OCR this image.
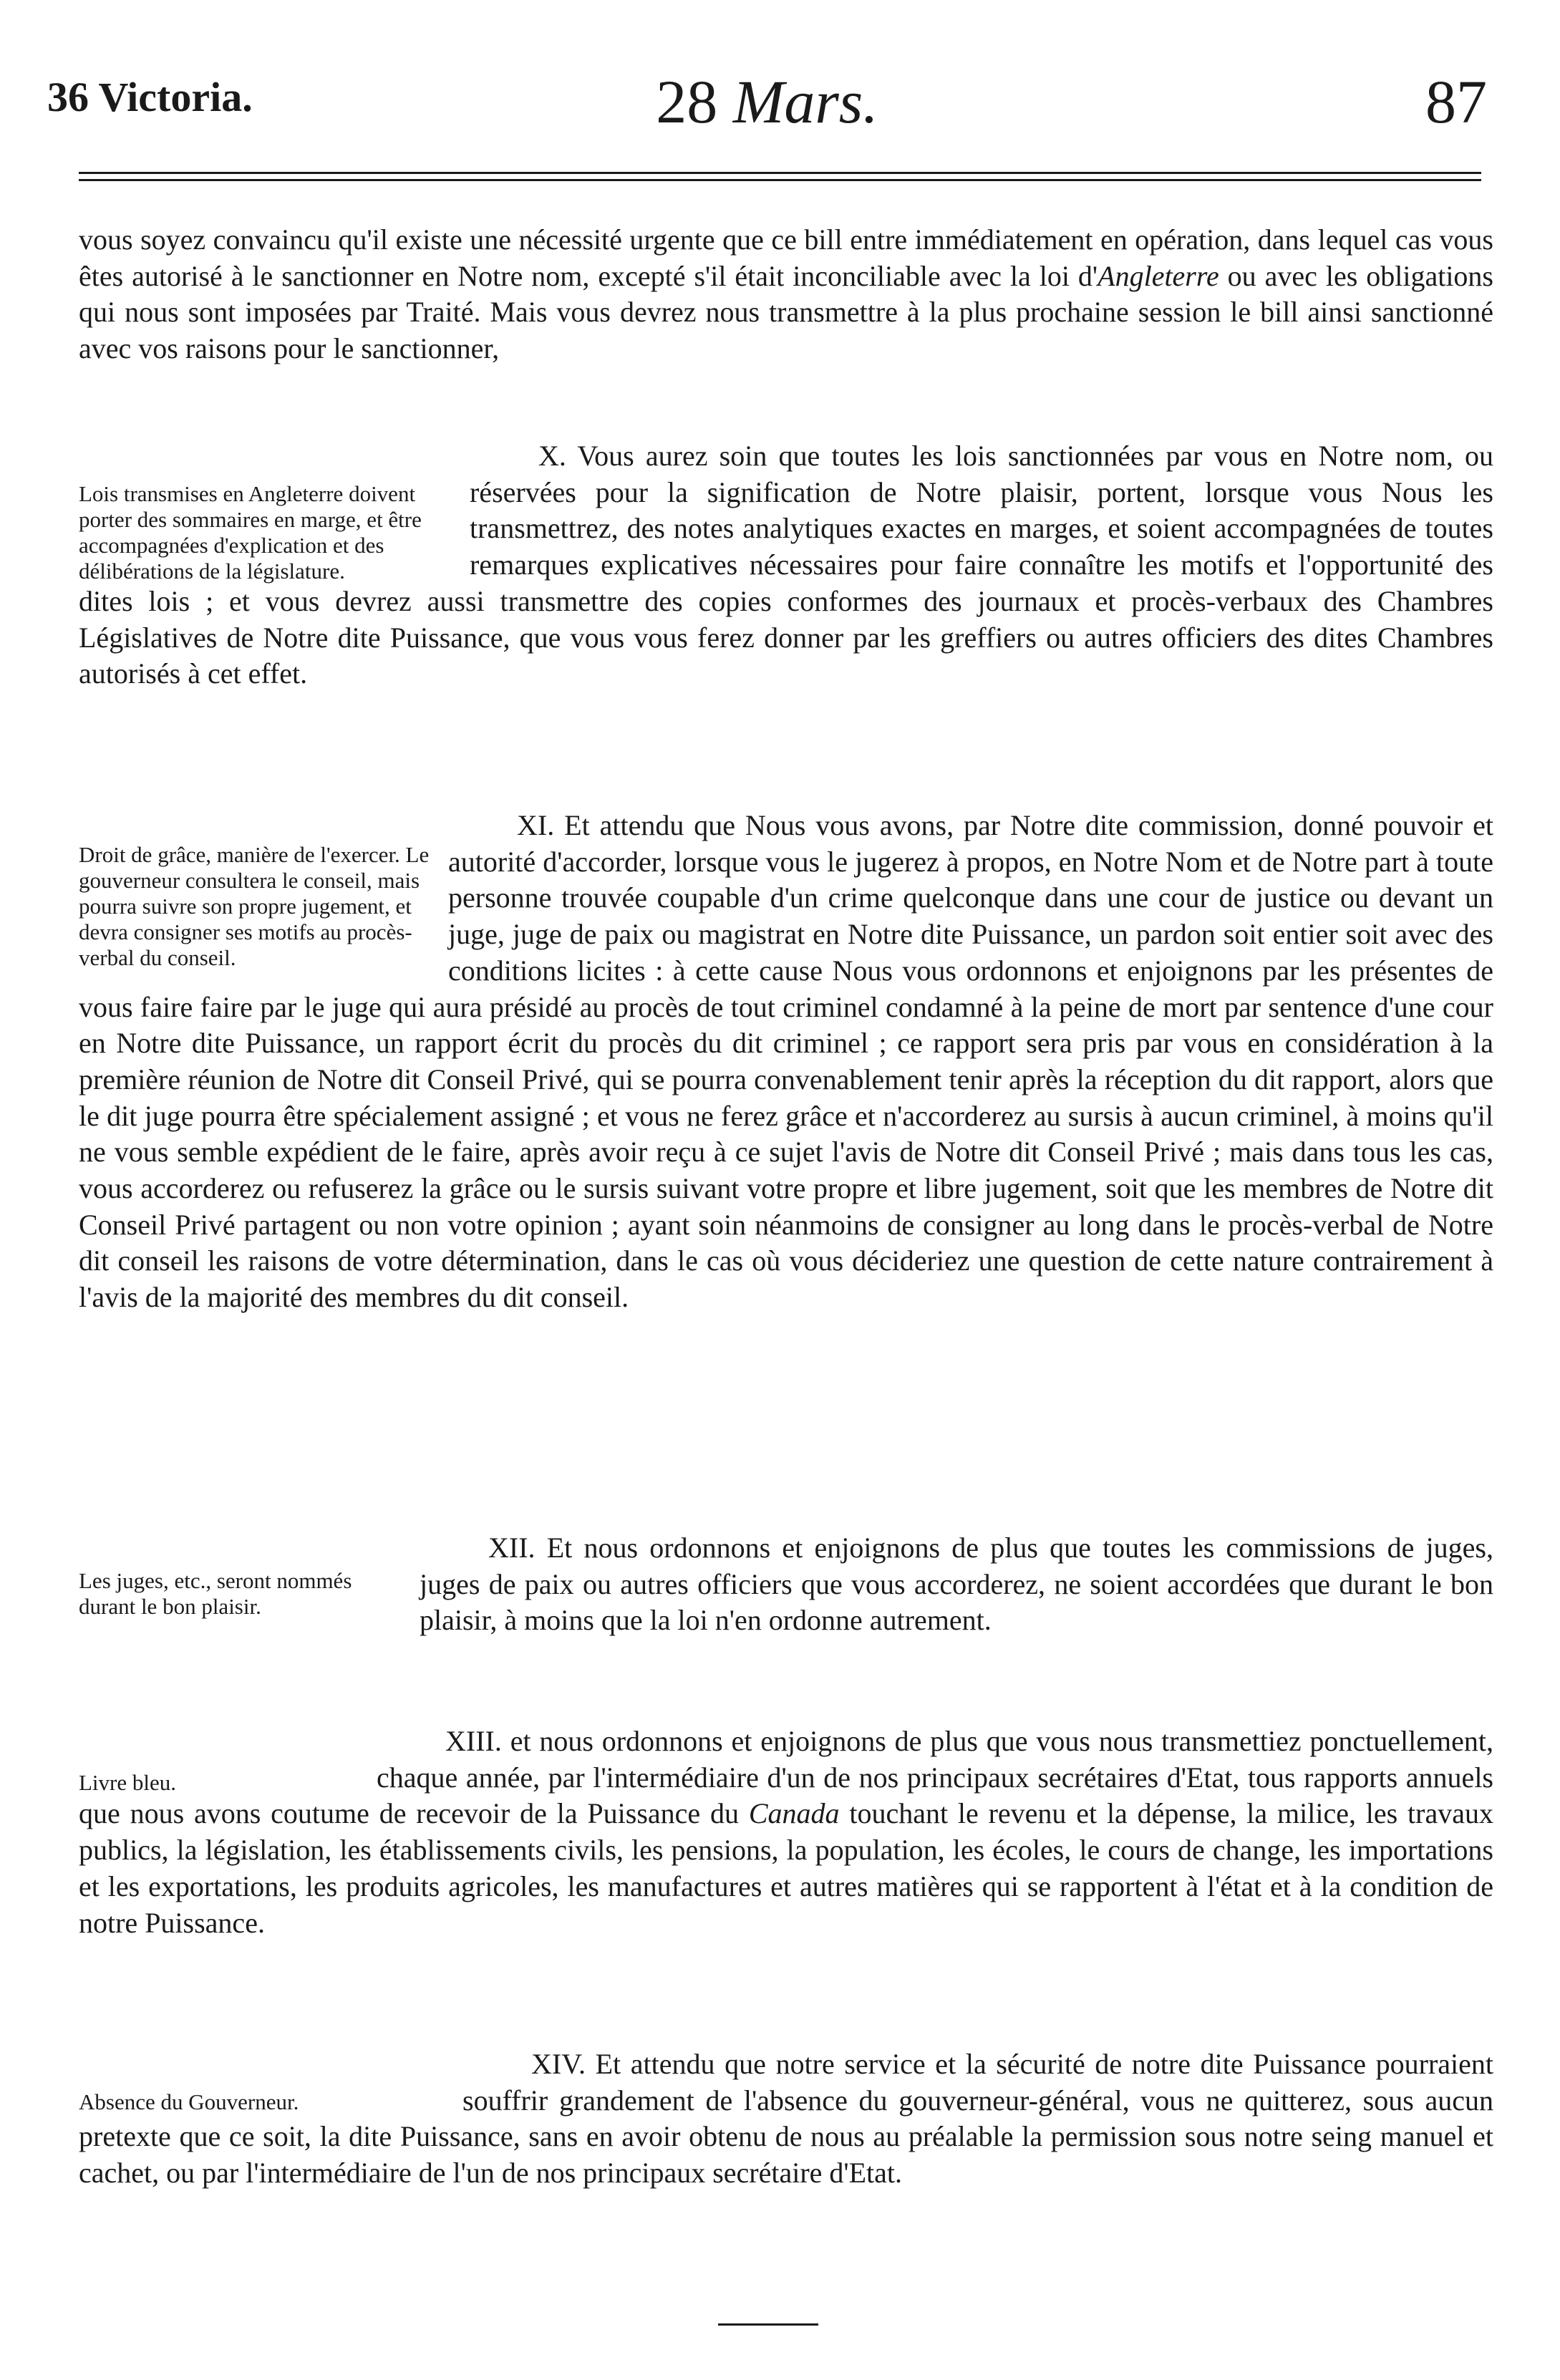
36 Victoria.	28 Mars.	87
vous soyez convaincu qu'il existe une nécessité urgente que ce bill entre immédiatement en opération, dans lequel cas vous êtes autorisé à le sanctionner en Notre nom, excepté s'il était inconciliable avec la loi d'Angleterre ou avec les obligations qui nous sont imposées par Traité. Mais vous devrez nous transmettre à la plus prochaine session le bill ainsi sanctionné avec vos raisons pour le sanctionner,
X. Vous aurez soin que toutes les lois sanctionnées par vous en Notre nom, ou réservées pour la signification de Notre plaisir, portent, lorsque vous Nous les transmettrez, des notes analytiques exactes en marges, et soient accompagnées de toutes remarques explicatives nécessaires pour faire connaître les motifs et l'opportunité des dites lois ; et vous devrez aussi transmettre des copies conformes des journaux et procès-verbaux des Chambres Législatives de Notre dite Puissance, que vous vous ferez donner par les greffiers ou autres officiers des dites Chambres autorisés à cet effet.
XI. Et attendu que Nous vous avons, par Notre dite commission, donné pouvoir et autorité d'accorder, lorsque vous le jugerez à propos, en Notre Nom et de Notre part à toute personne trouvée coupable d'un crime quelconque dans une cour de justice ou devant un juge, juge de paix ou magistrat en Notre dite Puissance, un pardon soit entier soit avec des conditions licites : à cette cause Nous vous ordonnons et enjoignons par les présentes de vous faire faire par le juge qui aura présidé au procès de tout criminel condamné à la peine de mort par sentence d'une cour en Notre dite Puissance, un rapport écrit du procès du dit criminel ; ce rapport sera pris par vous en considération à la première réunion de Notre dit Conseil Privé, qui se pourra convenablement tenir après la réception du dit rapport, alors que le dit juge pourra être spécialement assigné ; et vous ne ferez grâce et n'accorderez au sursis à aucun criminel, à moins qu'il ne vous semble expédient de le faire, après avoir reçu à ce sujet l'avis de Notre dit Conseil Privé ; mais dans tous les cas, vous accorderez ou refuserez la grâce ou le sursis suivant votre propre et libre jugement, soit que les membres de Notre dit Conseil Privé partagent ou non votre opinion ; ayant soin néanmoins de consigner au long dans le procès-verbal de Notre dit conseil les raisons de votre détermination, dans le cas où vous décideriez une question de cette nature contrairement à l'avis de la majorité des membres du dit conseil.
XII. Et nous ordonnons et enjoignons de plus que toutes les commissions de juges, juges de paix ou autres officiers que vous accorderez, ne soient accordées que durant le bon plaisir, à moins que la loi n'en ordonne autrement.
XIII. et nous ordonnons et enjoignons de plus que vous nous transmettiez ponctuellement, chaque année, par l'intermédiaire d'un de nos principaux secrétaires d'Etat, tous rapports annuels que nous avons coutume de recevoir de la Puissance du Canada touchant le revenu et la dépense, la milice, les travaux publics, la législation, les établissements civils, les pensions, la population, les écoles, le cours de change, les importations et les exportations, les produits agricoles, les manufactures et autres matières qui se rapportent à l'état et à la condition de notre Puissance.
XIV. Et attendu que notre service et la sécurité de notre dite Puissance pourraient souffrir grandement de l'absence du gouverneur-général, vous ne quitterez, sous aucun pretexte que ce soit, la dite Puissance, sans en avoir obtenu de nous au préalable la permission sous notre seing manuel et cachet, ou par l'intermédiaire de l'un de nos principaux secrétaire d'Etat.
Lois transmises en Angleterre doivent porter des sommaires en marge, et être accompagnées d'explication et des délibérations de la législature.
Droit de grâce, manière de l'exercer. Le gouverneur consultera le conseil, mais pourra suivre son propre jugement, et devra consigner ses motifs au procès-verbal du conseil.
Les juges, etc., seront nommés durant le bon plaisir.
Livre bleu.
Absence du Gouverneur.
